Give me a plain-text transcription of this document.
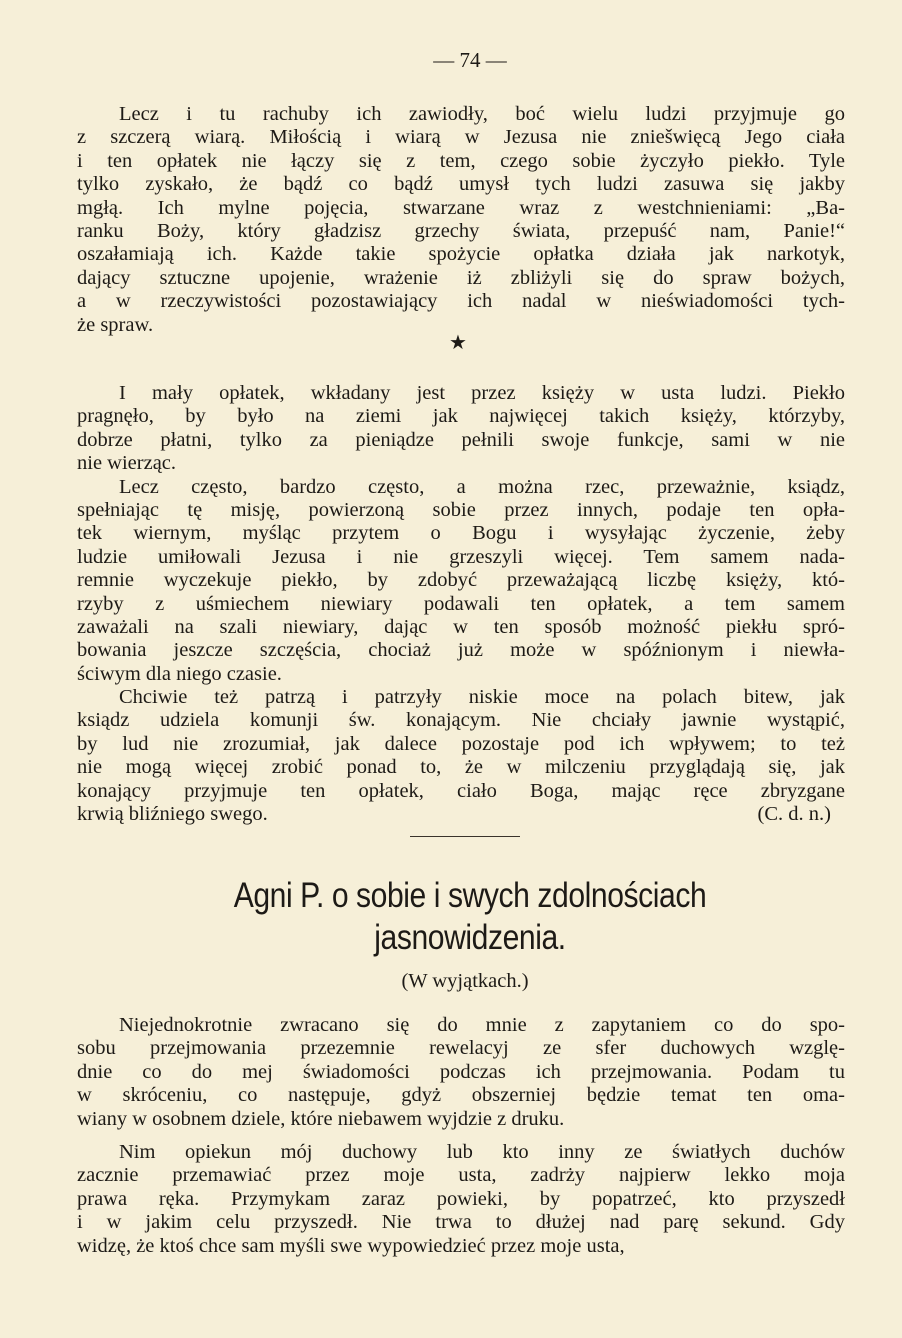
— 74 —
Lecz i tu rachuby ich zawiodły, boć wielu ludzi przyjmuje go
z szczerą wiarą. Miłością i wiarą w Jezusa nie zniešwięcą Jego ciała
i ten opłatek nie łączy się z tem, czego sobie życzyło piekło. Tyle
tylko zyskało, że bądź co bądź umysł tych ludzi zasuwa się jakby
mgłą. Ich mylne pojęcia, stwarzane wraz z westchnieniami: „Ba-
ranku Boży, który gładzisz grzechy świata, przepuść nam, Panie!“
oszałamiają ich. Każde takie spożycie opłatka działa jak narkotyk,
dający sztuczne upojenie, wrażenie iż zbliżyli się do spraw bożych,
a w rzeczywistości pozostawiający ich nadal w nieświadomości tych-
że spraw.
★
I mały opłatek, wkładany jest przez księży w usta ludzi. Piekło
pragnęło, by było na ziemi jak najwięcej takich księży, którzyby,
dobrze płatni, tylko za pieniądze pełnili swoje funkcje, sami w nie
nie wierząc.
Lecz często, bardzo często, a można rzec, przeważnie, ksiądz,
spełniając tę misję, powierzoną sobie przez innych, podaje ten opła-
tek wiernym, myśląc przytem o Bogu i wysyłając życzenie, żeby
ludzie umiłowali Jezusa i nie grzeszyli więcej. Tem samem nada-
remnie wyczekuje piekło, by zdobyć przeważającą liczbę księży, któ-
rzyby z uśmiechem niewiary podawali ten opłatek, a tem samem
zaważali na szali niewiary, dając w ten sposób możność piekłu spró-
bowania jeszcze szczęścia, chociaż już może w spóźnionym i niewła-
ściwym dla niego czasie.
Chciwie też patrzą i patrzyły niskie moce na polach bitew, jak
ksiądz udziela komunji św. konającym. Nie chciały jawnie wystąpić,
by lud nie zrozumiał, jak dalece pozostaje pod ich wpływem; to też
nie mogą więcej zrobić ponad to, że w milczeniu przyglądają się, jak
konający przyjmuje ten opłatek, ciało Boga, mając ręce zbryzgane
krwią bliźniego swego.	(C. d. n.)
Agni P. o sobie i swych zdolnościach
jasnowidzenia.
(W wyjątkach.)
Niejednokrotnie zwracano się do mnie z zapytaniem co do spo-
sobu przejmowania przezemnie rewelacyj ze sfer duchowych wzglę-
dnie co do mej świadomości podczas ich przejmowania. Podam tu
w skróceniu, co następuje, gdyż obszerniej będzie temat ten oma-
wiany w osobnem dziele, które niebawem wyjdzie z druku.
Nim opiekun mój duchowy lub kto inny ze światłych duchów
zacznie przemawiać przez moje usta, zadrży najpierw lekko moja
prawa ręka. Przymykam zaraz powieki, by popatrzeć, kto przyszedł
i w jakim celu przyszedł. Nie trwa to dłużej nad parę sekund. Gdy
widzę, że ktoś chce sam myśli swe wypowiedzieć przez moje usta,
